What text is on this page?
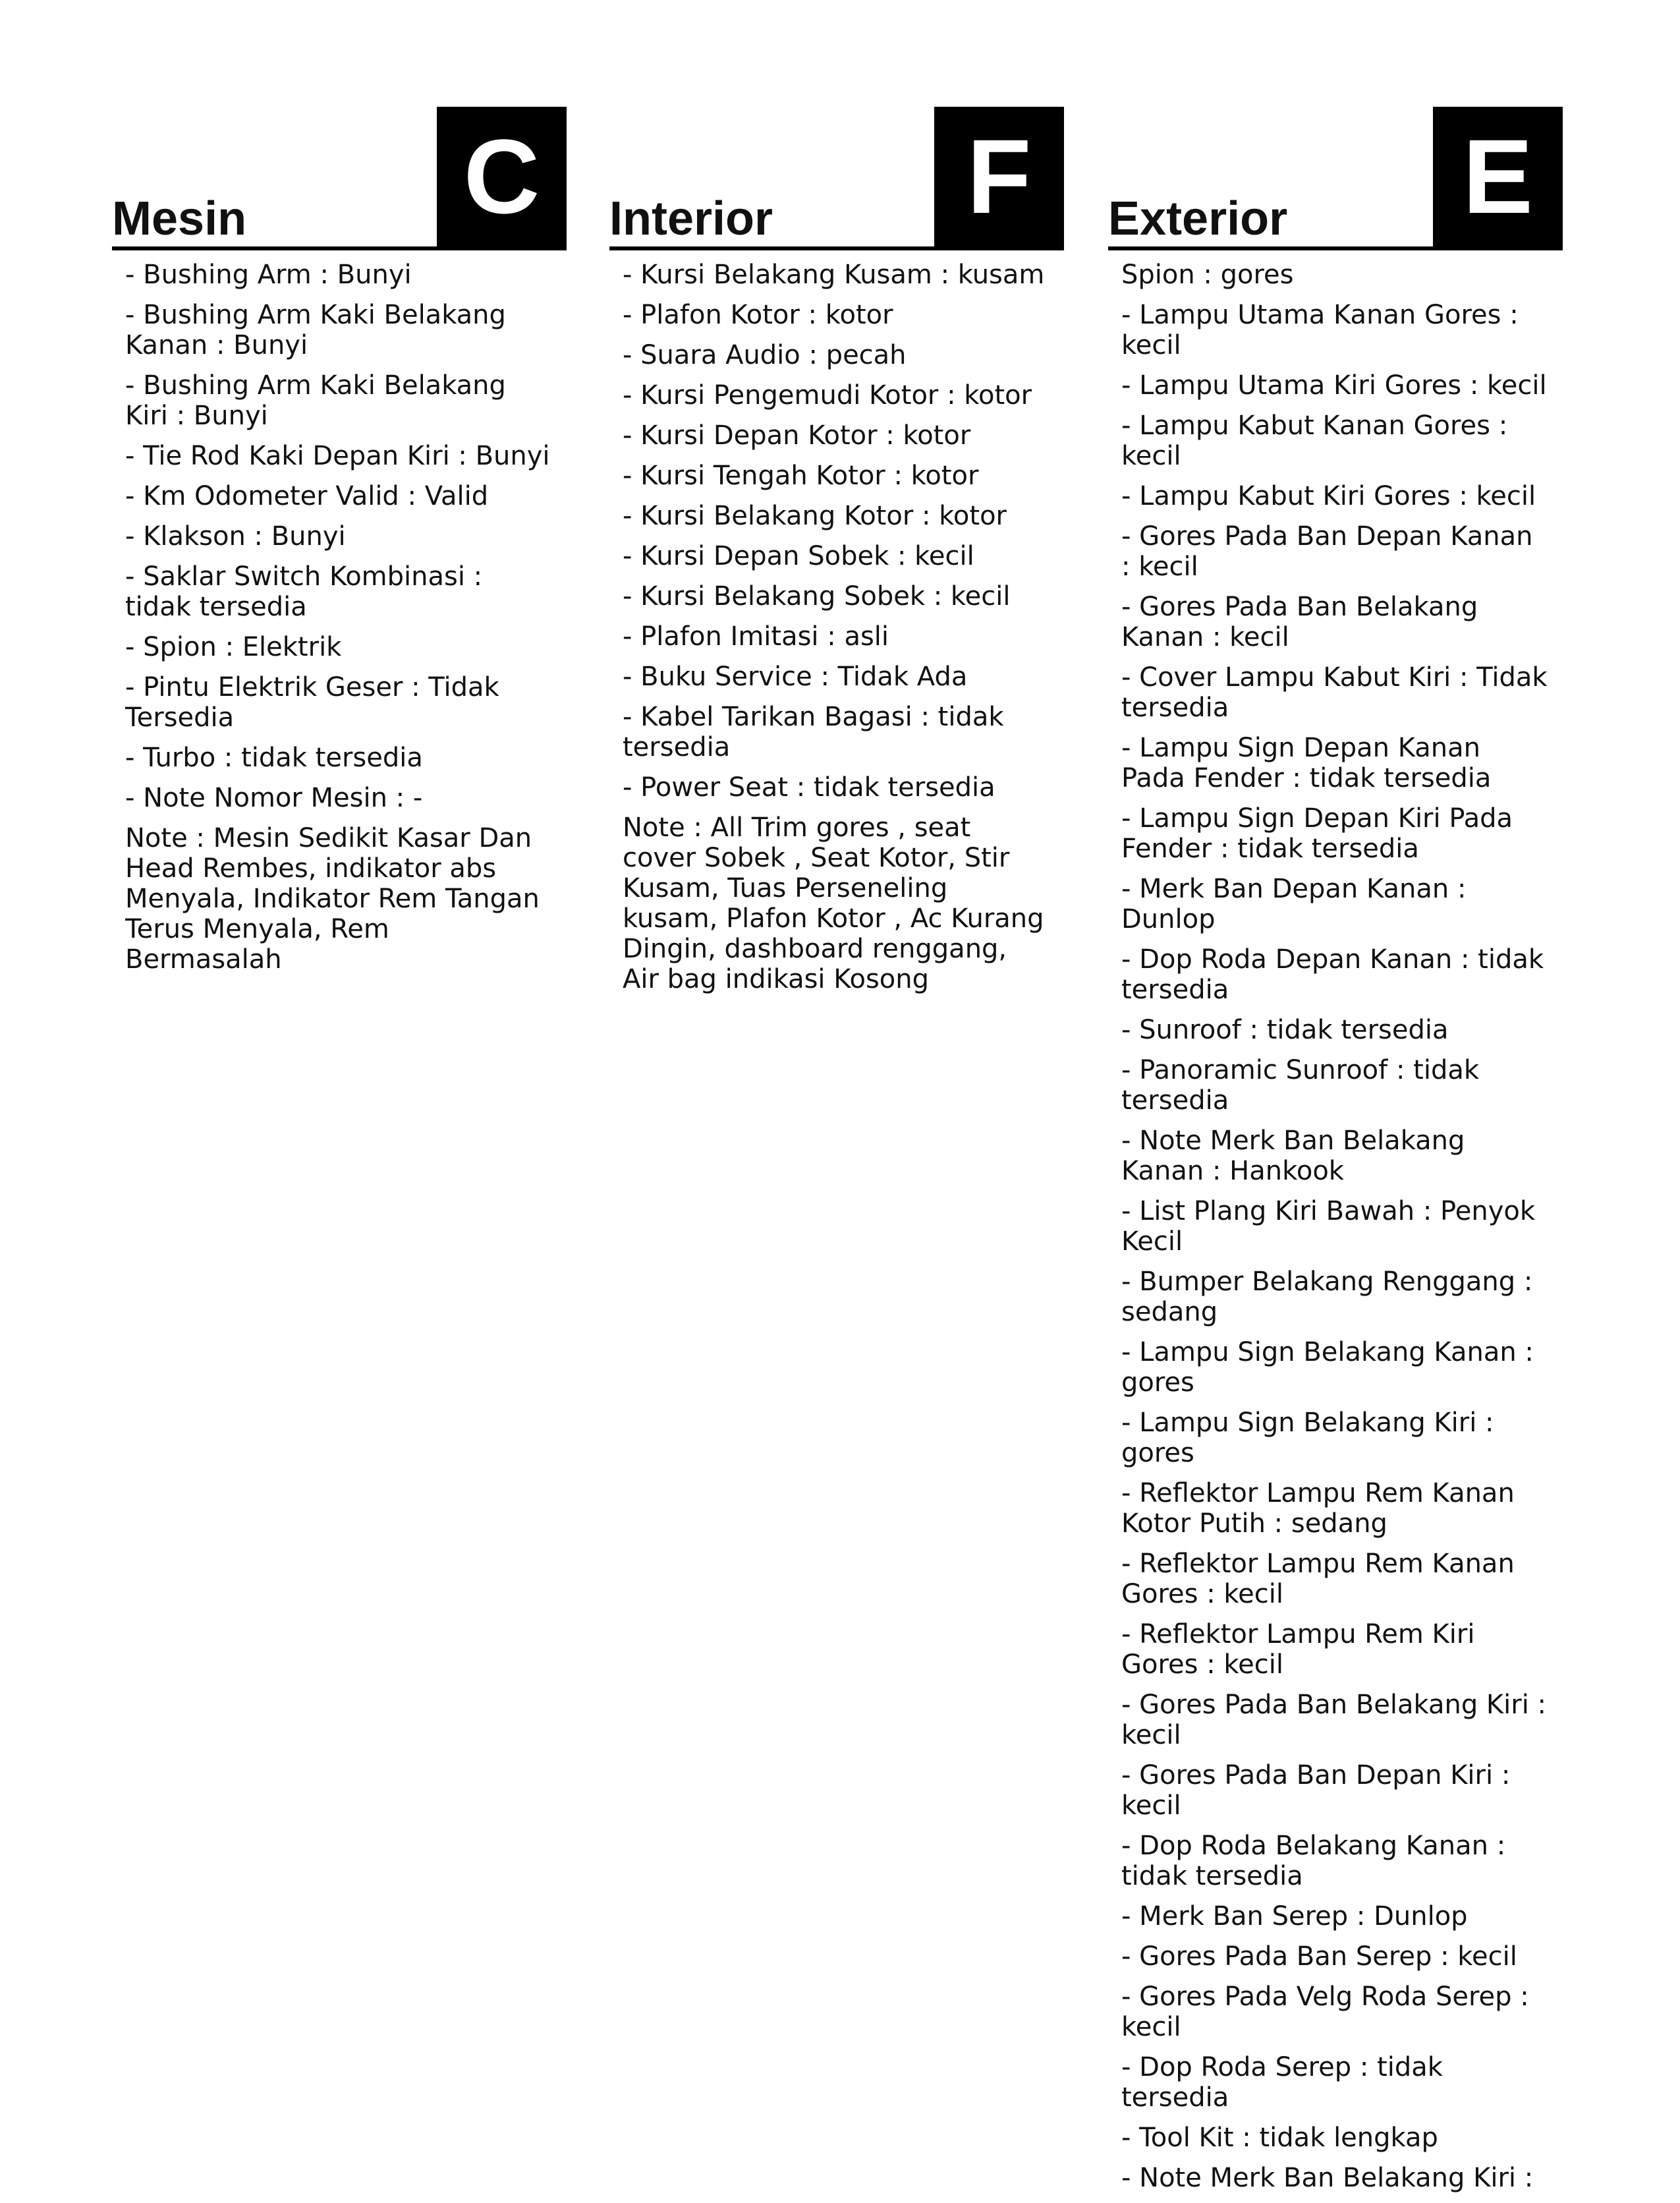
Mesin C
- Bushing Arm : Bunyi
- Bushing Arm Kaki Belakang Kanan : Bunyi
- Bushing Arm Kaki Belakang Kiri : Bunyi
- Tie Rod Kaki Depan Kiri : Bunyi
- Km Odometer Valid : Valid
- Klakson : Bunyi
- Saklar Switch Kombinasi : tidak tersedia
- Spion : Elektrik
- Pintu Elektrik Geser : Tidak Tersedia
- Turbo : tidak tersedia
- Note Nomor Mesin : -
Note : Mesin Sedikit Kasar Dan Head Rembes, indikator abs Menyala, Indikator Rem Tangan Terus Menyala, Rem Bermasalah
Interior	F
- Kursi Belakang Kusam : kusam
- Plafon Kotor : kotor
- Suara Audio : pecah
- Kursi Pengemudi Kotor : kotor
- Kursi Depan Kotor : kotor
- Kursi Tengah Kotor : kotor
- Kursi Belakang Kotor : kotor
- Kursi Depan Sobek : kecil
- Kursi Belakang Sobek : kecil
- Plafon Imitasi : asli
- Buku Service : Tidak Ada
- Kabel Tarikan Bagasi : tidak tersedia
- Power Seat : tidak tersedia
Note : All Trim gores , seat cover Sobek , Seat Kotor, Stir Kusam, Tuas Perseneling kusam, Plafon Kotor , Ac Kurang Dingin, dashboard renggang, Air bag indikasi Kosong
Exterior E
Spion : gores
- Lampu Utama Kanan Gores : kecil
- Lampu Utama Kiri Gores : kecil
- Lampu Kabut Kanan Gores : kecil
- Lampu Kabut Kiri Gores : kecil
- Gores Pada Ban Depan Kanan : kecil
- Gores Pada Ban Belakang Kanan : kecil
- Cover Lampu Kabut Kiri : Tidak tersedia
- Lampu Sign Depan Kanan Pada Fender : tidak tersedia
- Lampu Sign Depan Kiri Pada Fender : tidak tersedia
- Merk Ban Depan Kanan : Dunlop
- Dop Roda Depan Kanan : tidak tersedia
- Sunroof : tidak tersedia
- Panoramic Sunroof : tidak tersedia
- Note Merk Ban Belakang Kanan : Hankook
- List Plang Kiri Bawah : Penyok Kecil
- Bumper Belakang Renggang : sedang
- Lampu Sign Belakang Kanan : gores
- Lampu Sign Belakang Kiri : gores
- Reflektor Lampu Rem Kanan Kotor Putih : sedang
- Reflektor Lampu Rem Kanan Gores : kecil
- Reflektor Lampu Rem Kiri Gores : kecil
- Gores Pada Ban Belakang Kiri : kecil
- Gores Pada Ban Depan Kiri : kecil
- Dop Roda Belakang Kanan : tidak tersedia
- Merk Ban Serep : Dunlop
- Gores Pada Ban Serep : kecil
- Gores Pada Velg Roda Serep : kecil
- Dop Roda Serep : tidak tersedia
- Tool Kit : tidak lengkap
- Note Merk Ban Belakang Kiri :
